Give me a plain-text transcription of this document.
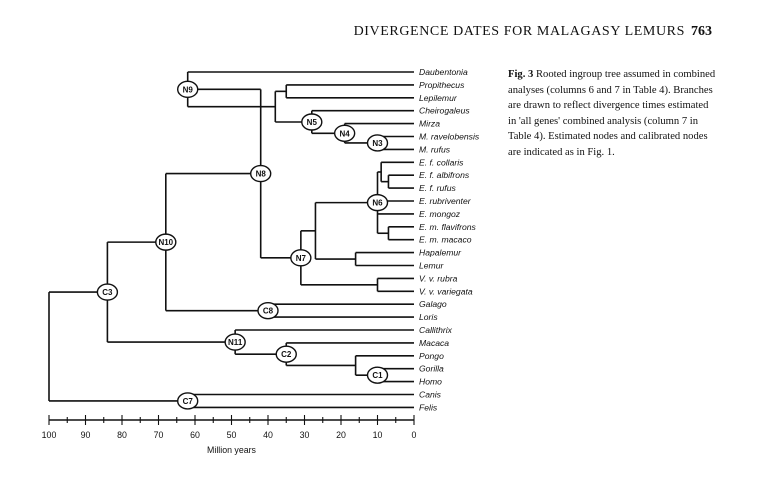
DIVERGENCE DATES FOR MALAGASY LEMURS 763
Fig. 3 Rooted ingroup tree assumed in combined analyses (columns 6 and 7 in Table 4). Branches are drawn to reflect divergence times estimated in 'all genes' combined analysis (column 7 in Table 4). Estimated nodes and calibrated nodes are indicated as in Fig. 1.
N3
N4
N5
N9
N6
N7
N8
C8
N10
C1
C2
N11
C3
C7
Daubentonia
Propithecus
Lepilemur
Cheirogaleus
Mirza
M. ravelobensis
M. rufus
E. f. collaris
E. f. albifrons
E. f. rufus
E. rubriventer
E. mongoz
E. m. flavifrons
E. m. macaco
Hapalemur
Lemur
V. v. rubra
V. v. variegata
Galago
Loris
Callithrix
Macaca
Pongo
Gorilla
Homo
Canis
Felis
100	90	80	70	60	50	40	30	20	10	0
Million years
